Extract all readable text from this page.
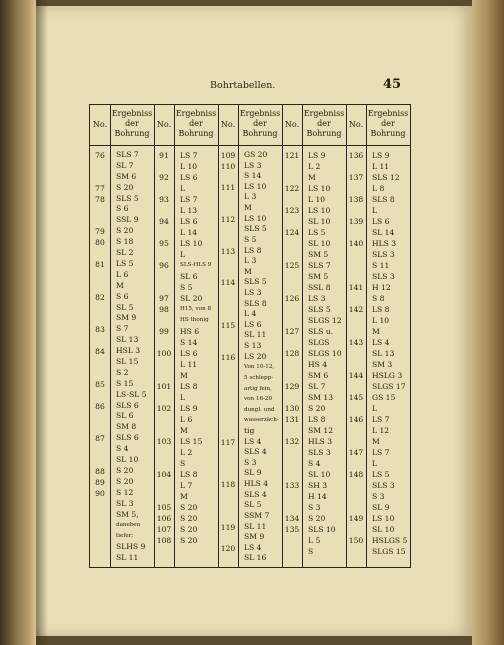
Bohrtabellen.	45
No.
Ergebniss
der
Bohrung
76	SLS 7
SL 7
SM 6
77	S 20
78	SLS 5
S 6
SSL 9
79	S 20
80	S 18
SL 2
81	LS 5
L 6
M
82	S 6
SL 5
SM 9
83	S 7
SL 13
84	HSL 3
SL 15
S 2
85	S 15
LS-SL 5
86	SLS 6
SL 6
SM 8
87	SLS 6
S 4
SL 10
88	S 20
89	S 20
90	S 12
SL 3
SM 5,
daneben
tiefer:
SLHS 9
SL 11
No.
Ergebniss
der
Bohrung
91	LS 7
L 10
92	LS 6
L
93	LS 7
L 13
94	LS 6
L 14
95	LS 10
L
96	SLS-HLS 9
SL 6
S 5
97	SL 20
98	H15, von 8
HS thonig
99	HS 6
S 14
100	LS 6
L 11
M
101	LS 8
L
102	LS 9
L 6
M
103	LS 15
L 2
S
104	LS 8
L 7
M
105	S 20
106	S 20
107	S 20
108	S 20
No.
Ergebniss
der
Bohrung
109	GS 20
110	LS 3
S 14
111	LS 10
L 3
M
112	LS 10
SLS 5
S 5
113	LS 8
L 3
M
114	SLS 5
LS 3
SLS 8
L 4
115	LS 6
SL 11
S 13
116	LS 20
Von 10-12,
5 schlepp-
artig fein,
von 16-20
dungl. und
wasserzäch-
tig
117	LS 4
SLS 4
S 3
SL 9
118	HLS 4
SLS 4
SL 5
SSM 7
119	SL 11
SM 9
120	LS 4
SL 16
No.
Ergebniss
der
Bohrung
121	LS 9
L 2
M
122	LS 10
L 10
123	LS 10
SL 10
124	LS 5
SL 10
SM 5
125	SLS 7
SM 5
SSL 8
126	LS 3
SLS 5
SLGS 12
127	SLS u.
SLGS
128	SLGS 10
HS 4
SM 6
129	SL 7
SM 13
130	S 20
131	LS 8
SM 12
132	HLS 3
SLS 3
S 4
SL 10
133	SH 3
H 14
S 3
134	S 20
135	SLS 10
L 5
S
No.
Ergebniss
der
Bohrung
136	LS 9
L 11
137	SLS 12
L 8
138	SLS 8
L
139	LS 6
SL 14
140	HLS 3
SLS 3
S 11
SLS 3
141	H 12
S 8
142	LS 8
L 10
M
143	LS 4
SL 13
SM 3
144	HSLG 3
SLGS 17
145	GS 15
L
146	LS 7
L 12
M
147	LS 7
L
148	LS 5
SLS 3
S 3
SL 9
149	LS 10
SL 10
150	HSLGS 5
SLGS 15
